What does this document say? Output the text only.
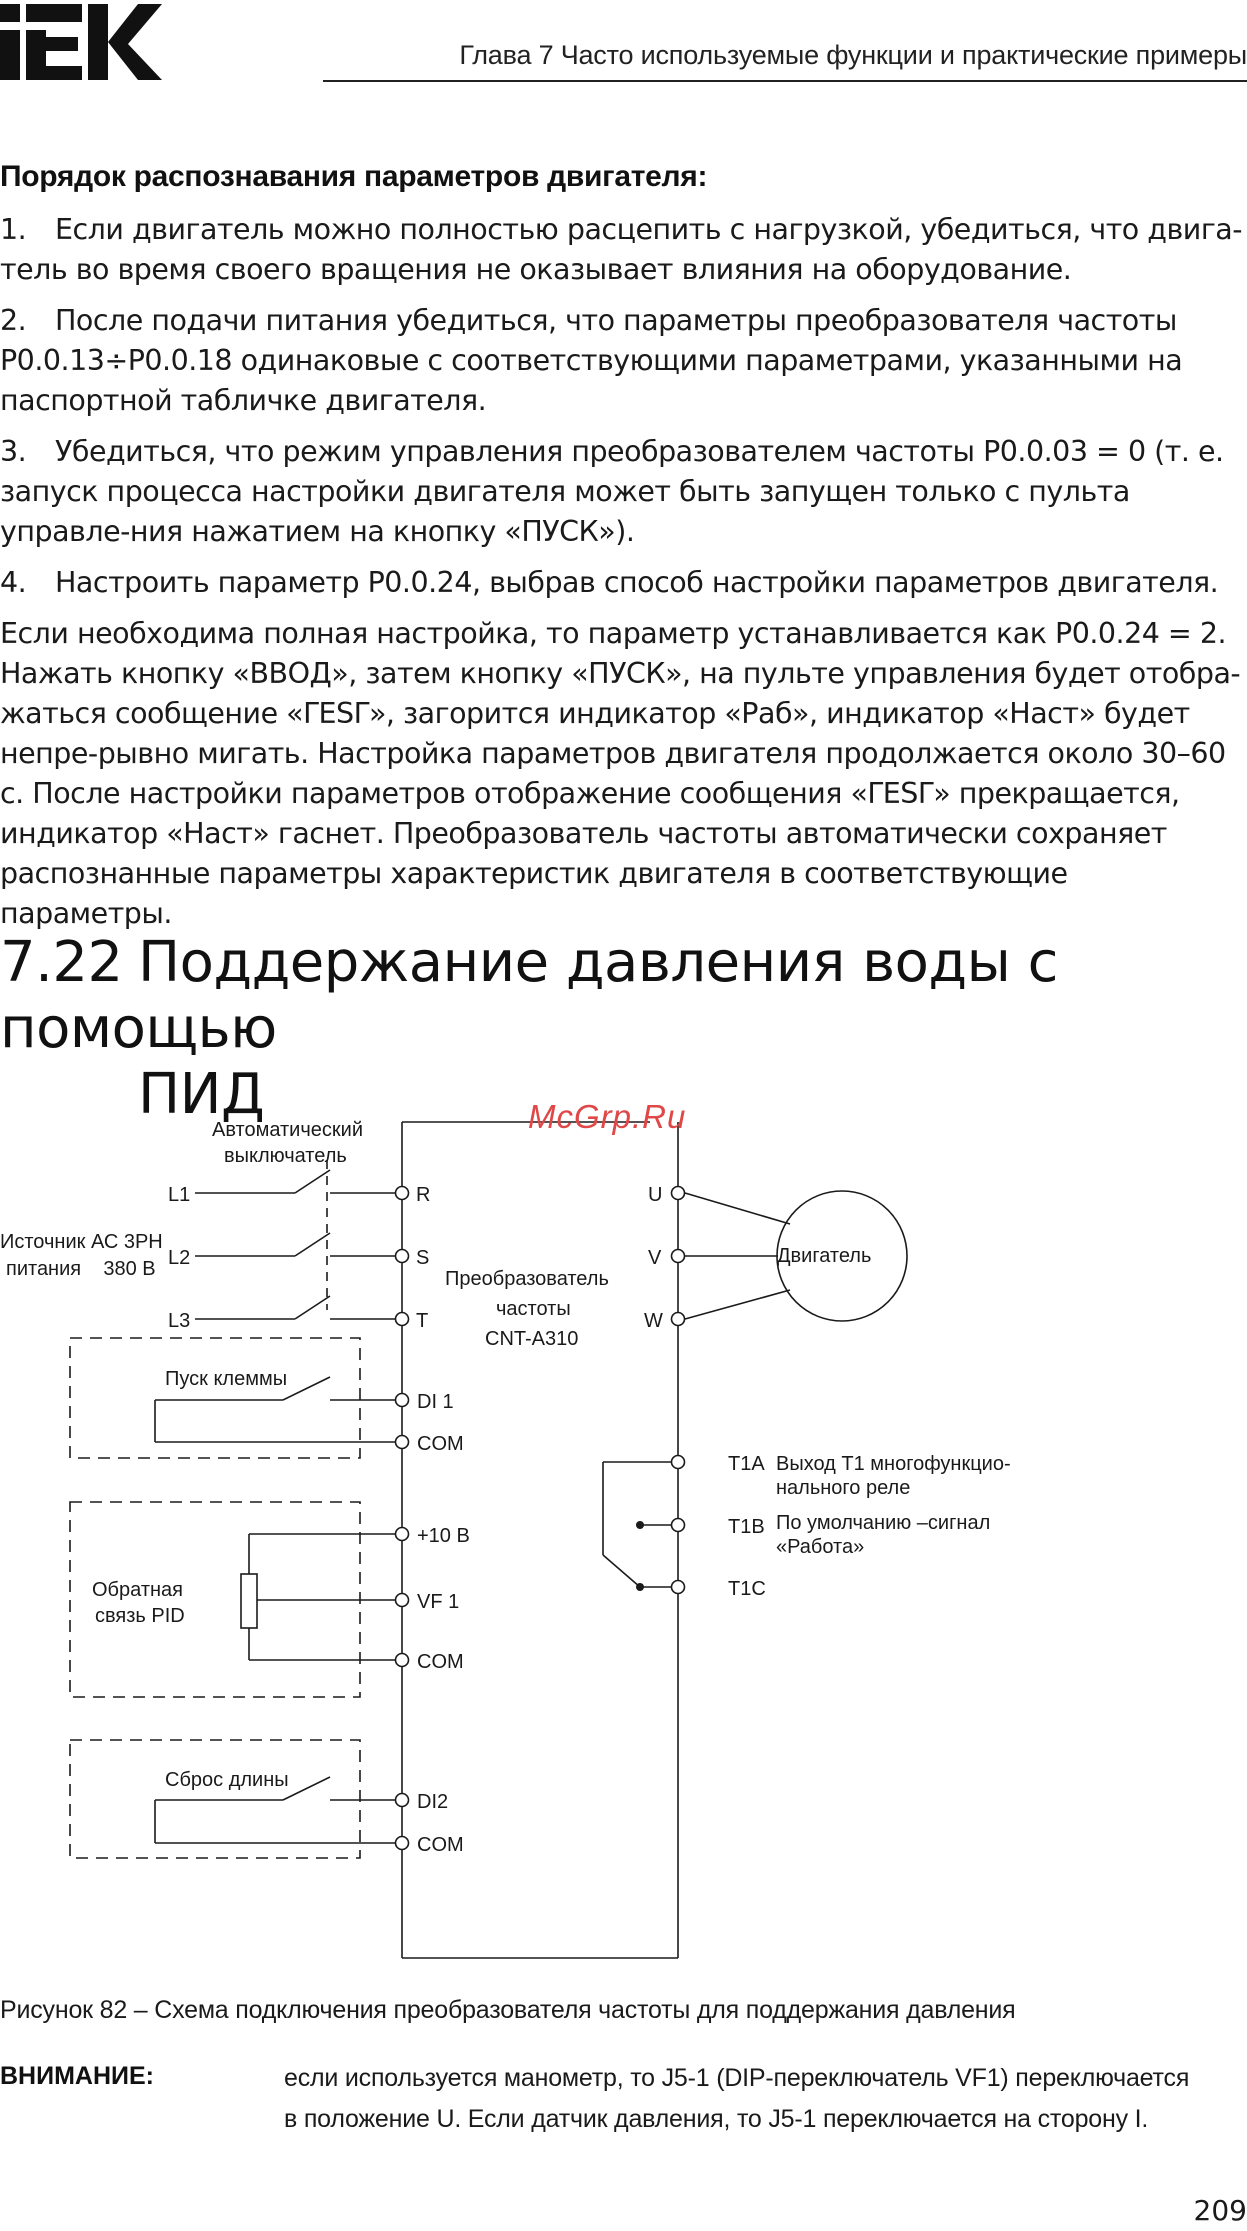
Глава 7 Часто используемые функции и практические примеры
Порядок распознавания параметров двигателя:

1. Если двигатель можно полностью расцепить с нагрузкой, убедиться, что двига-тель во время своего вращения не оказывает влияния на оборудование.

2. После подачи питания убедиться, что параметры преобразователя частоты P0.0.13÷P0.0.18 одинаковые с соответствующими параметрами, указанными на паспортной табличке двигателя.

3. Убедиться, что режим управления преобразователем частоты P0.0.03 = 0 (т. е. запуск процесса настройки двигателя может быть запущен только с пульта управле-ния нажатием на кнопку «ПУСК»).

4. Настроить параметр P0.0.24, выбрав способ настройки параметров двигателя.

Если необходима полная настройка, то параметр устанавливается как P0.0.24 = 2. Нажать кнопку «ВВОД», затем кнопку «ПУСК», на пульте управления будет отобра-жаться сообщение «ΓESΓ», загорится индикатор «Раб», индикатор «Наст» будет непре-рывно мигать. Настройка параметров двигателя продолжается около 30–60 с. После настройки параметров отображение сообщения «ΓESΓ» прекращается, индикатор «Наст» гаснет. Преобразователь частоты автоматически сохраняет распознанные параметры характеристик двигателя в соответствующие параметры.

7.22 Поддержание давления воды с помощью
ПИД	McGrp.Ru
Автоматический
выключатель
Источник АС 3РН
питания    380 В
L1
L2
L3
R
S
T
Преобразователь
частоты
CNT-A310
U
V
W
Двигатель
Пуск клеммы
DI 1
COM
+10 В
VF 1
COM
Обратная
связь PID
Сброс длины
DI2
COM
T1A
T1B
T1C
Выход Т1 многофункцио-
нального реле
По умолчанию –сигнал
«Работа»
Рисунок 82 – Схема подключения преобразователя частоты для поддержания давления
ВНИМАНИЕ:	если используется манометр, то J5-1 (DIP-переключатель VF1) переключается
в положение U. Если датчик давления, то J5-1 переключается на сторону I.
209
